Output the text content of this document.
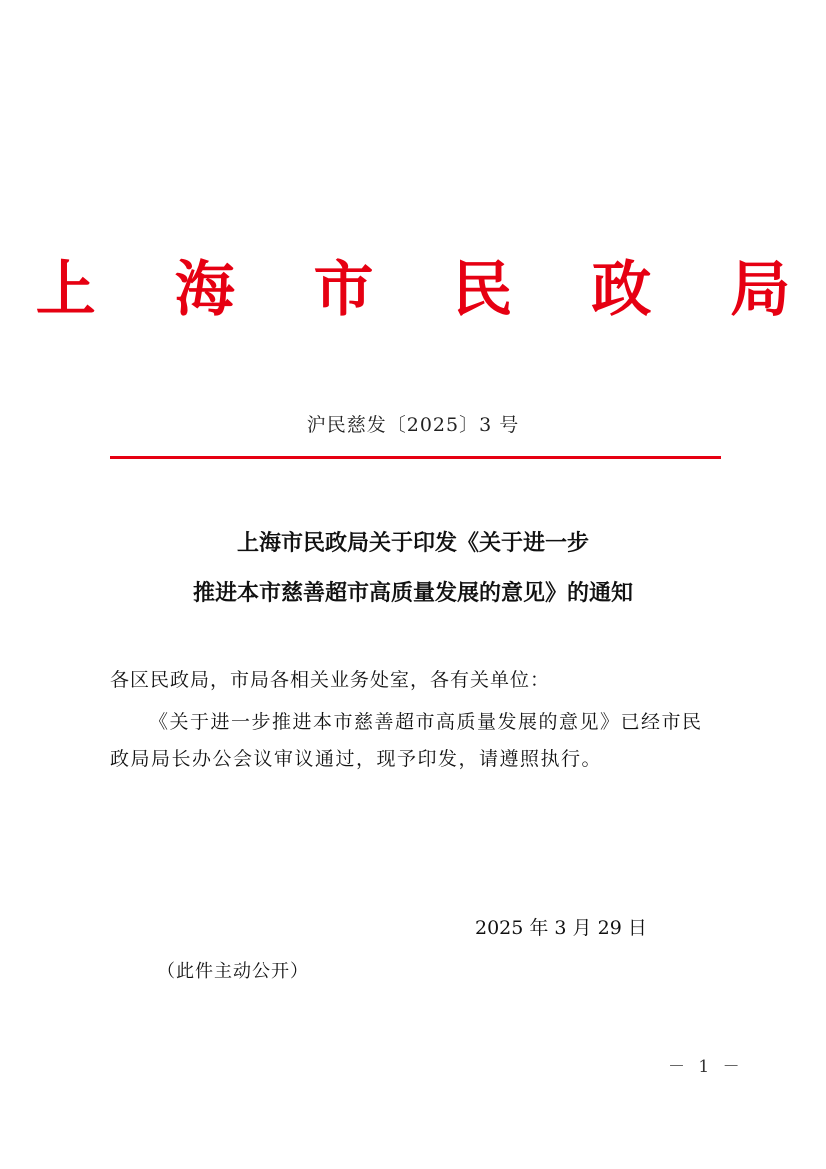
上 海 市 民 政 局
沪民慈发〔2025〕3 号
上海市民政局关于印发《关于进一步
推进本市慈善超市高质量发展的意见》的通知
各区民政局，市局各相关业务处室，各有关单位：
《关于进一步推进本市慈善超市高质量发展的意见》已经市民政局局长办公会议审议通过，现予印发，请遵照执行。
2025 年 3 月 29 日
（此件主动公开）
－ 1 －
